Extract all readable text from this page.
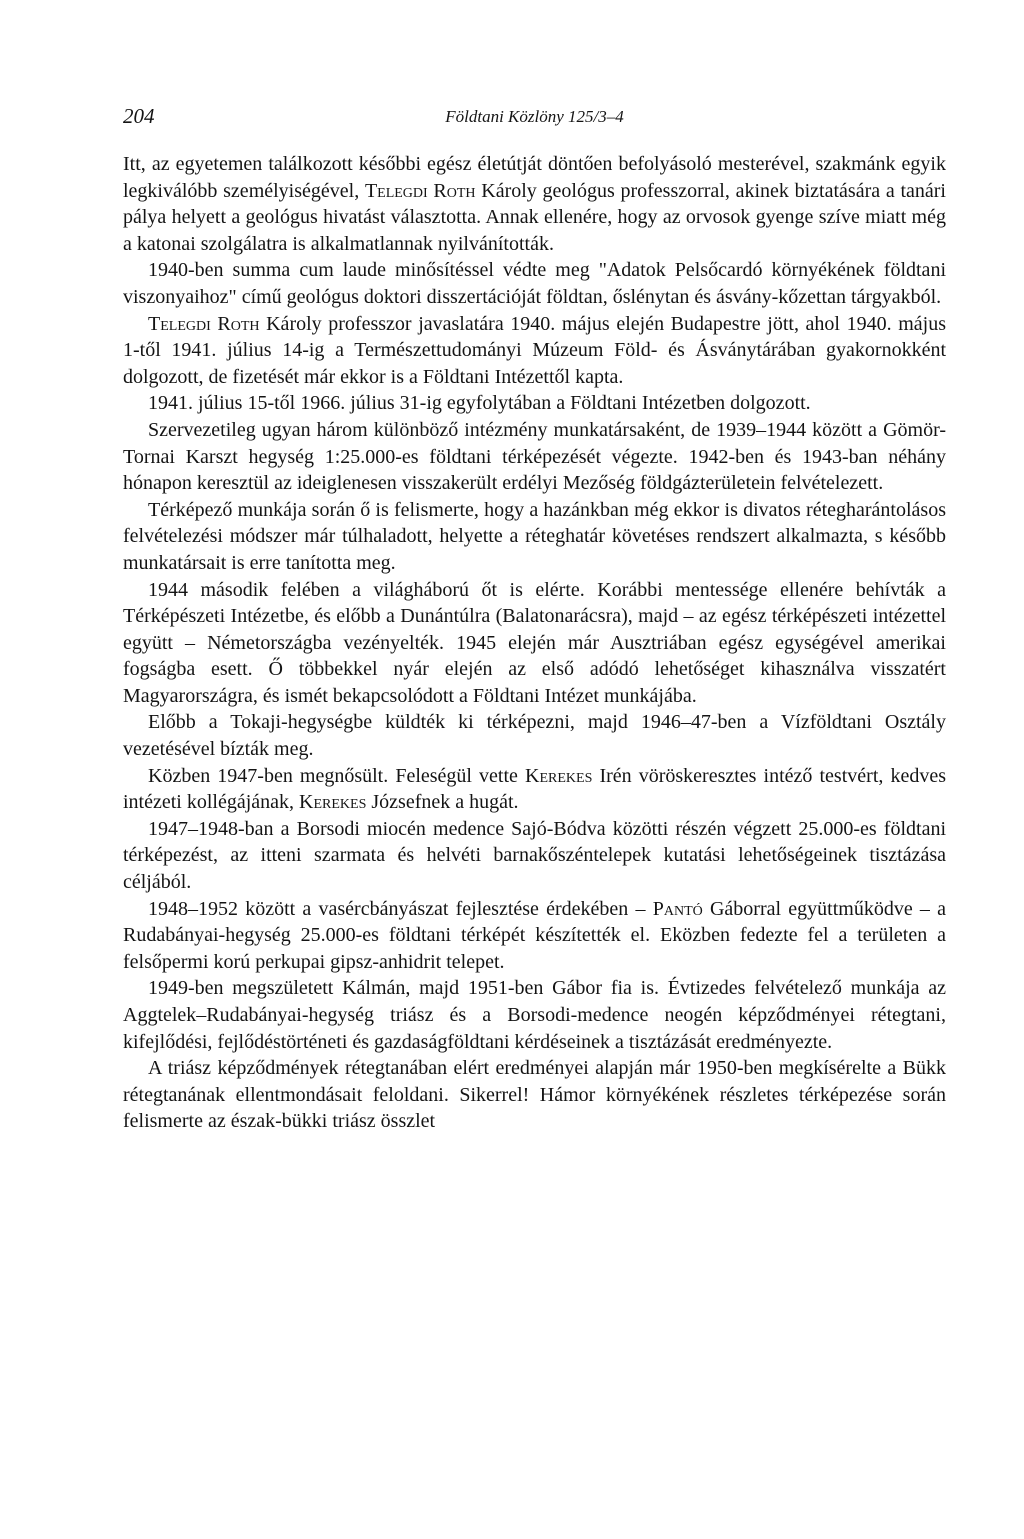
204	Földtani Közlöny 125/3–4

Itt, az egyetemen találkozott későbbi egész életútját döntően befolyásoló mesterével, szakmánk egyik legkiválóbb személyiségével, Telegdi Roth Károly geológus professzorral, akinek biztatására a tanári pálya helyett a geológus hivatást választotta. Annak ellenére, hogy az orvosok gyenge szíve miatt még a katonai szolgálatra is alkalmatlannak nyilvánították.

1940-ben summa cum laude minősítéssel védte meg "Adatok Pelsőcardó környékének földtani viszonyaihoz" című geológus doktori disszertációját földtan, őslénytan és ásvány-kőzettan tárgyakból.

Telegdi Roth Károly professzor javaslatára 1940. május elején Budapestre jött, ahol 1940. május 1-től 1941. július 14-ig a Természettudományi Múzeum Föld- és Ásványtárában gyakornokként dolgozott, de fizetését már ekkor is a Földtani Intézettől kapta.

1941. július 15-től 1966. július 31-ig egyfolytában a Földtani Intézetben dolgozott.

Szervezetileg ugyan három különböző intézmény munkatársaként, de 1939–1944 között a Gömör-Tornai Karszt hegység 1:25.000-es földtani térképezését végezte. 1942-ben és 1943-ban néhány hónapon keresztül az ideiglenesen visszakerült erdélyi Mezőség földgázterületein felvételezett.

Térképező munkája során ő is felismerte, hogy a hazánkban még ekkor is divatos rétegharántolásos felvételezési módszer már túlhaladott, helyette a réteghatár követéses rendszert alkalmazta, s később munkatársait is erre tanította meg.

1944 második felében a világháború őt is elérte. Korábbi mentessége ellenére behívták a Térképészeti Intézetbe, és előbb a Dunántúlra (Balatonarácsra), majd – az egész térképészeti intézettel együtt – Németországba vezényelték. 1945 elején már Ausztriában egész egységével amerikai fogságba esett. Ő többekkel nyár elején az első adódó lehetőséget kihasználva visszatért Magyarországra, és ismét bekapcsolódott a Földtani Intézet munkájába.

Előbb a Tokaji-hegységbe küldték ki térképezni, majd 1946–47-ben a Vízföldtani Osztály vezetésével bízták meg.

Közben 1947-ben megnősült. Feleségül vette Kerekes Irén vöröskeresztes intéző testvért, kedves intézeti kollégájának, Kerekes Józsefnek a hugát.

1947–1948-ban a Borsodi miocén medence Sajó-Bódva közötti részén végzett 25.000-es földtani térképezést, az itteni szarmata és helvéti barnakőszéntelepek kutatási lehetőségeinek tisztázása céljából.

1948–1952 között a vasércbányászat fejlesztése érdekében – Pantó Gáborral együttműködve – a Rudabányai-hegység 25.000-es földtani térképét készítették el. Eközben fedezte fel a területen a felsőpermi korú perkupai gipsz-anhidrit telepet.

1949-ben megszületett Kálmán, majd 1951-ben Gábor fia is. Évtizedes felvételező munkája az Aggtelek–Rudabányai-hegység triász és a Borsodi-medence neogén képződményei rétegtani, kifejlődési, fejlődéstörténeti és gazdaságföldtani kérdéseinek a tisztázását eredményezte.

A triász képződmények rétegtanában elért eredményei alapján már 1950-ben megkísérelte a Bükk rétegtanának ellentmondásait feloldani. Sikerrel! Hámor környékének részletes térképezése során felismerte az észak-bükki triász összlet
